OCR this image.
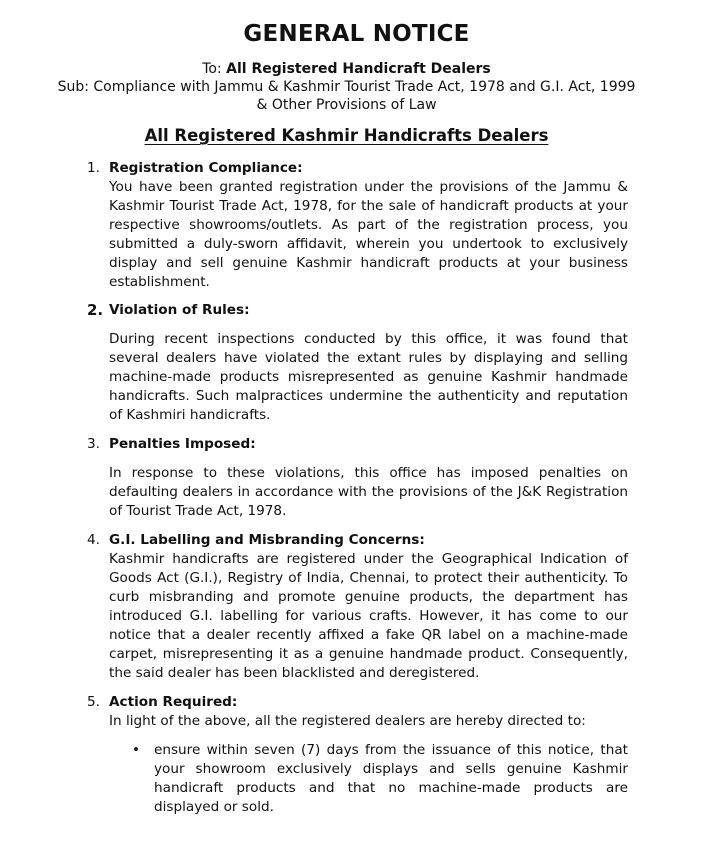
GENERAL NOTICE
To: All Registered Handicraft Dealers
Sub: Compliance with Jammu & Kashmir Tourist Trade Act, 1978 and G.I. Act, 1999
& Other Provisions of Law
All Registered Kashmir Handicrafts Dealers
1. Registration Compliance:
You have been granted registration under the provisions of the Jammu & Kashmir Tourist Trade Act, 1978, for the sale of handicraft products at your respective showrooms/outlets. As part of the registration process, you submitted a duly-sworn affidavit, wherein you undertook to exclusively display and sell genuine Kashmir handicraft products at your business establishment.
2. Violation of Rules:
During recent inspections conducted by this office, it was found that several dealers have violated the extant rules by displaying and selling machine-made products misrepresented as genuine Kashmir handmade handicrafts. Such malpractices undermine the authenticity and reputation of Kashmiri handicrafts.
3. Penalties Imposed:
In response to these violations, this office has imposed penalties on defaulting dealers in accordance with the provisions of the J&K Registration of Tourist Trade Act, 1978.
4. G.I. Labelling and Misbranding Concerns:
Kashmir handicrafts are registered under the Geographical Indication of Goods Act (G.I.), Registry of India, Chennai, to protect their authenticity. To curb misbranding and promote genuine products, the department has introduced G.I. labelling for various crafts. However, it has come to our notice that a dealer recently affixed a fake QR label on a machine-made carpet, misrepresenting it as a genuine handmade product. Consequently, the said dealer has been blacklisted and deregistered.
5. Action Required:
In light of the above, all the registered dealers are hereby directed to:
• ensure within seven (7) days from the issuance of this notice, that your showroom exclusively displays and sells genuine Kashmir handicraft products and that no machine-made products are displayed or sold.
